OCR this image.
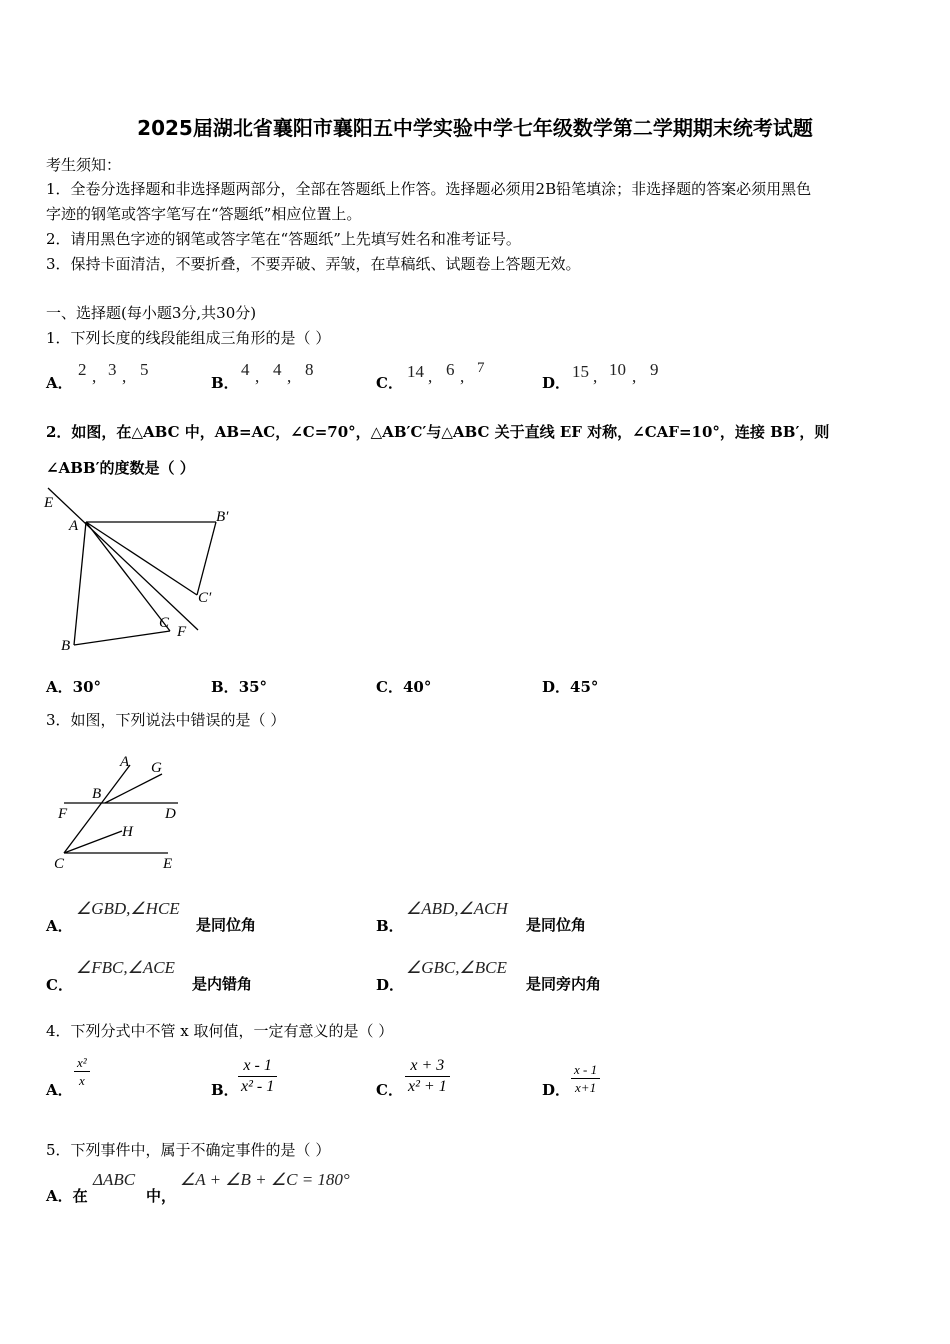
2025届湖北省襄阳市襄阳五中学实验中学七年级数学第二学期期末统考试题
考生须知：
1．全卷分选择题和非选择题两部分，全部在答题纸上作答。选择题必须用2B铅笔填涂；非选择题的答案必须用黑色
字迹的钢笔或答字笔写在“答题纸”相应位置上。
2．请用黑色字迹的钢笔或答字笔在“答题纸”上先填写姓名和准考证号。
3．保持卡面清洁，不要折叠，不要弄破、弄皱，在草稿纸、试题卷上答题无效。
一、选择题(每小题3分,共30分)
1．下列长度的线段能组成三角形的是（ ）
A．
2 , 3 , 5
B．
4 , 4 , 8
C．
14 , 6 , 7
D．
15 , 10 , 9
2．如图，在△ABC 中，AB=AC，∠C=70°，△AB′C′与△ABC 关于直线 EF 对称，∠CAF=10°，连接 BB′，则
∠ABB′的度数是（ ）
E
A
B′
C′
C
F
B
A．30°	B．35°	C．40°	D．45°
3．如图，下列说法中错误的是（ ）
A G
B
F	D
H
C	E
A．
∠GBD,∠HCE
是同位角	B．
∠ABD,∠ACH
是同位角
C．
∠FBC,∠ACE
是内错角	D．
∠GBC,∠BCE
是同旁内角
4．下列分式中不管 x 取何值，一定有意义的是（ ）
A．
$\frac{\text{x²}}{x}$
B． $\frac{x - 1}{\text{x² - 1}}$	C． $\frac{x + 3}{\text{x² + 1}}$	D． $\frac{x - 1}{x+1}$
5．下列事件中，属于不确定事件的是（ ）
A．在
ΔABC
中，
∠A + ∠B + ∠C = 180°
